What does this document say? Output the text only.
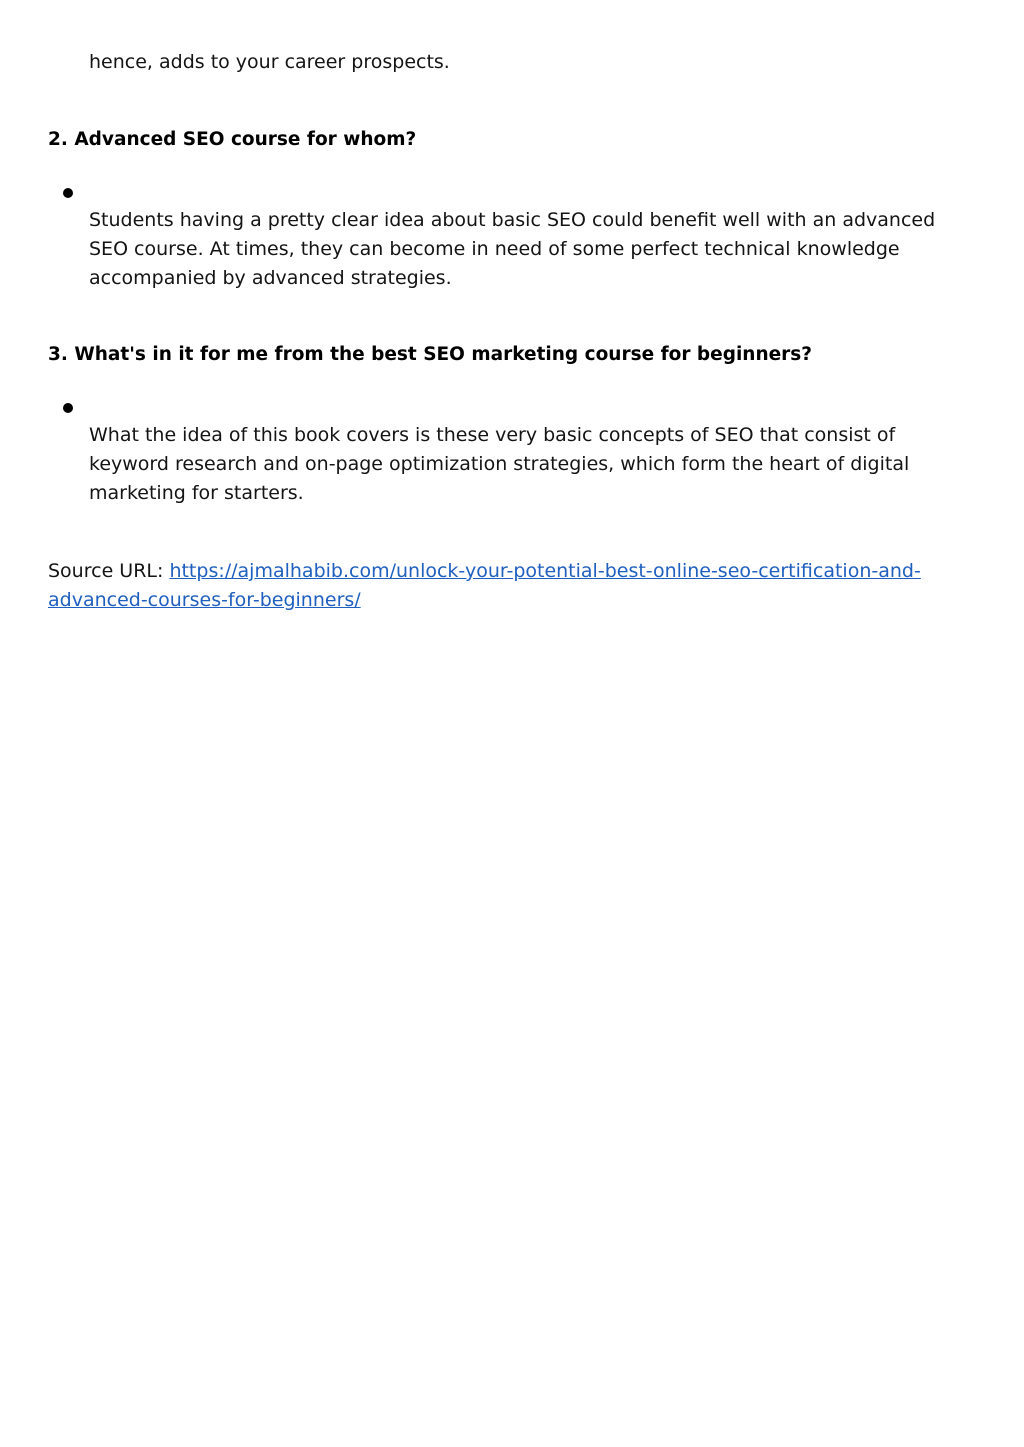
hence, adds to your career prospects.

2. Advanced SEO course for whom?

Students having a pretty clear idea about basic SEO could benefit well with an advanced SEO course. At times, they can become in need of some perfect technical knowledge accompanied by advanced strategies.

3. What's in it for me from the best SEO marketing course for beginners?

What the idea of this book covers is these very basic concepts of SEO that consist of keyword research and on-page optimization strategies, which form the heart of digital marketing for starters.

Source URL: https://ajmalhabib.com/unlock-your-potential-best-online-seo-certification-and-
advanced-courses-for-beginners/
